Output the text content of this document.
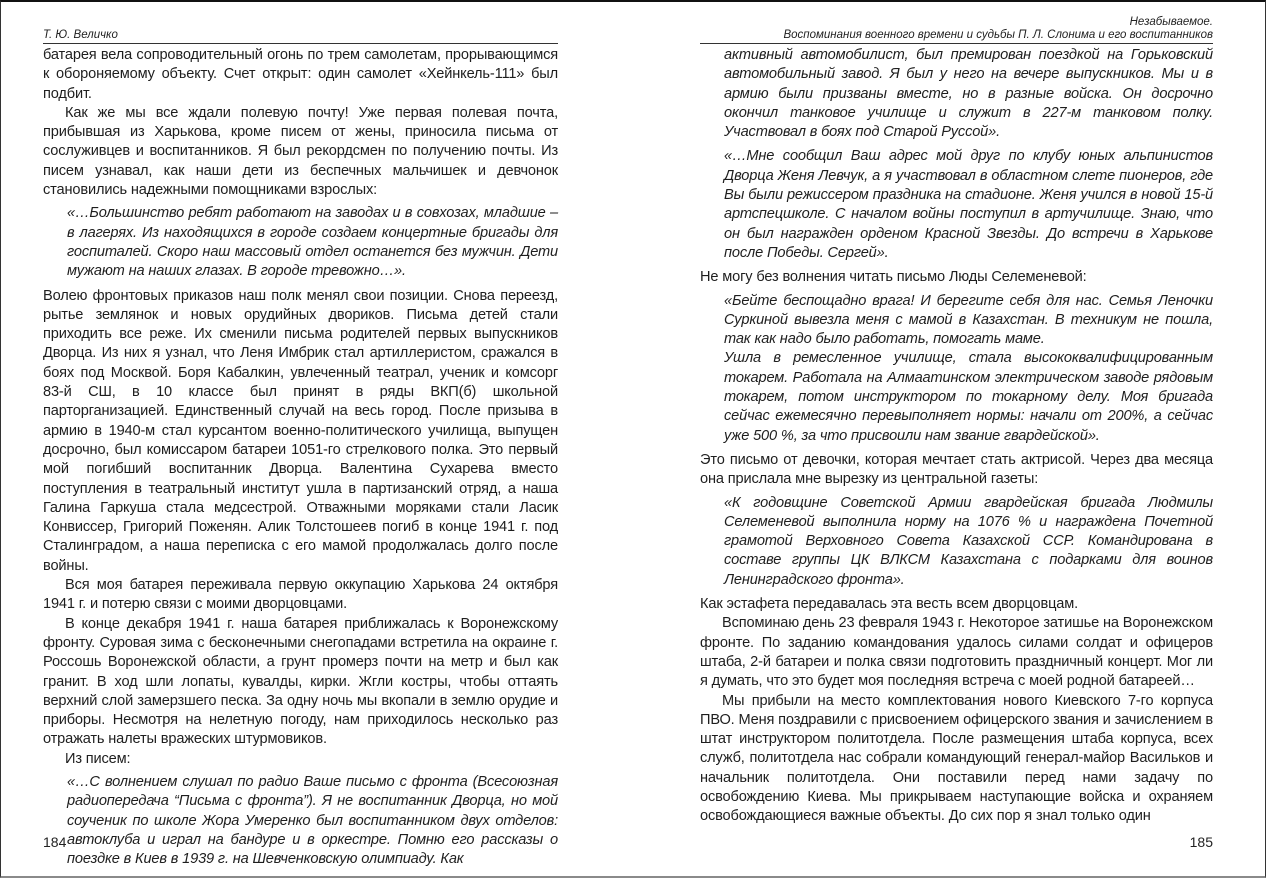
Т. Ю. Величко

батарея вела сопроводительный огонь по трем самолетам, прорывающимся к обороняемому объекту. Счет открыт: один самолет «Хейнкель-111» был подбит.

Как же мы все ждали полевую почту! Уже первая полевая почта, прибывшая из Харькова, кроме писем от жены, приносила письма от сослуживцев и воспитанников. Я был рекордсмен по получению почты. Из писем узнавал, как наши дети из беспечных мальчишек и девчонок становились надежными помощниками взрослых:

«…Большинство ребят работают на заводах и в совхозах, младшие – в лагерях. Из находящихся в городе создаем концертные бригады для госпиталей. Скоро наш массовый отдел останется без мужчин. Дети мужают на наших глазах. В городе тревожно…».

Волею фронтовых приказов наш полк менял свои позиции. Снова переезд, рытье землянок и новых орудийных двориков. Письма детей стали приходить все реже. Их сменили письма родителей первых выпускников Дворца. Из них я узнал, что Леня Имбрик стал артиллеристом, сражался в боях под Москвой. Боря Кабалкин, увлеченный театрал, ученик и комсорг 83-й СШ, в 10 классе был принят в ряды ВКП(б) школьной парторганизацией. Единственный случай на весь город. После призыва в армию в 1940-м стал курсантом военно-политического училища, выпущен досрочно, был комиссаром батареи 1051-го стрелкового полка. Это первый мой погибший воспитанник Дворца. Валентина Сухарева вместо поступления в театральный институт ушла в партизанский отряд, а наша Галина Гаркуша стала медсестрой. Отважными моряками стали Ласик Конвиссер, Григорий Поженян. Алик Толстошеев погиб в конце 1941 г. под Сталинградом, а наша переписка с его мамой продолжалась долго после войны.

Вся моя батарея переживала первую оккупацию Харькова 24 октября 1941 г. и потерю связи с моими дворцовцами.

В конце декабря 1941 г. наша батарея приближалась к Воронежскому фронту. Суровая зима с бесконечными снегопадами встретила на окраине г. Россошь Воронежской области, а грунт промерз почти на метр и был как гранит. В ход шли лопаты, кувалды, кирки. Жгли костры, чтобы оттаять верхний слой замерзшего песка. За одну ночь мы вкопали в землю орудие и приборы. Несмотря на нелетную погоду, нам приходилось несколько раз отражать налеты вражеских штурмовиков.

Из писем:

«…С волнением слушал по радио Ваше письмо с фронта (Всесоюзная радиопередача “Письма с фронта”). Я не воспитанник Дворца, но мой соученик по школе Жора Умеренко был воспитанником двух отделов: автоклуба и играл на бандуре и в оркестре. Помню его рассказы о поездке в Киев в 1939 г. на Шевченковскую олимпиаду. Как

184
Незабываемое.
Воспоминания военного времени и судьбы П. Л. Слонима и его воспитанников

активный автомобилист, был премирован поездкой на Горьковский автомобильный завод. Я был у него на вечере выпускников. Мы и в армию были призваны вместе, но в разные войска. Он досрочно окончил танковое училище и служит в 227-м танковом полку. Участвовал в боях под Старой Руссой».

«…Мне сообщил Ваш адрес мой друг по клубу юных альпинистов Дворца Женя Левчук, а я участвовал в областном слете пионеров, где Вы были режиссером праздника на стадионе. Женя учился в новой 15-й артспецшколе. С началом войны поступил в артучилище. Знаю, что он был награжден орденом Красной Звезды. До встречи в Харькове после Победы. Сергей».

Не могу без волнения читать письмо Люды Селеменевой:

«Бейте беспощадно врага! И берегите себя для нас. Семья Леночки Суркиной вывезла меня с мамой в Казахстан. В техникум не пошла, так как надо было работать, помогать маме.

Ушла в ремесленное училище, стала высококвалифицированным токарем. Работала на Алмаатинском электрическом заводе рядовым токарем, потом инструктором по токарному делу. Моя бригада сейчас ежемесячно перевыполняет нормы: начали от 200%, а сейчас уже 500 %, за что присвоили нам звание гвардейской».

Это письмо от девочки, которая мечтает стать актрисой. Через два месяца она прислала мне вырезку из центральной газеты:

«К годовщине Советской Армии гвардейская бригада Людмилы Селеменевой выполнила норму на 1076 % и награждена Почетной грамотой Верховного Совета Казахской ССР. Командирована в составе группы ЦК ВЛКСМ Казахстана с подарками для воинов Ленинградского фронта».

Как эстафета передавалась эта весть всем дворцовцам.

Вспоминаю день 23 февраля 1943 г. Некоторое затишье на Воронежском фронте. По заданию командования удалось силами солдат и офицеров штаба, 2-й батареи и полка связи подготовить праздничный концерт. Мог ли я думать, что это будет моя последняя встреча с моей родной батареей…

Мы прибыли на место комплектования нового Киевского 7-го корпуса ПВО. Меня поздравили с присвоением офицерского звания и зачислением в штат инструктором политотдела. После размещения штаба корпуса, всех служб, политотдела нас собрали командующий генерал-майор Васильков и начальник политотдела. Они поставили перед нами задачу по освобождению Киева. Мы прикрываем наступающие войска и охраняем освобождающиеся важные объекты. До сих пор я знал только один

185
